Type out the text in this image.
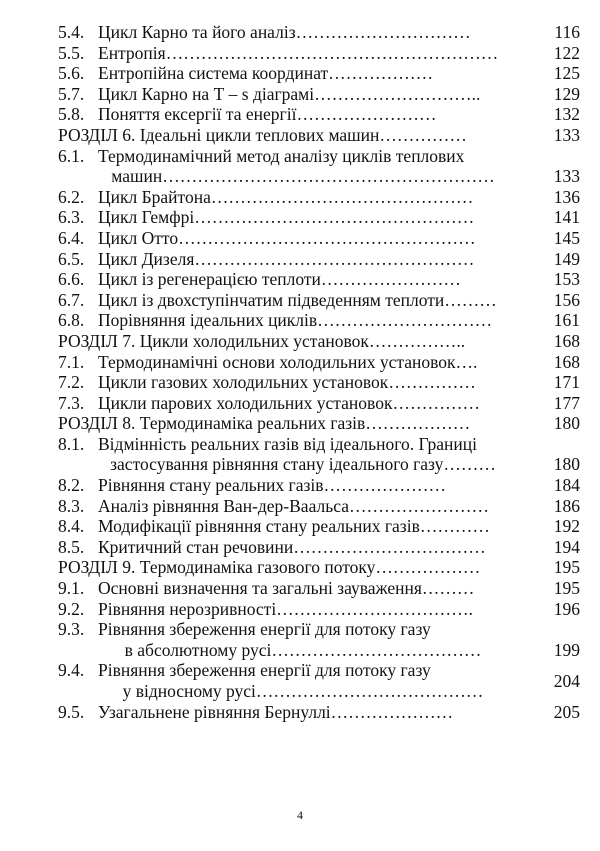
5.4.	Цикл Карно та його аналіз…………………………	116
5.5.	Ентропія…………………………………………………	122
5.6.	Ентропійна система координат………………	125
5.7.	Цикл Карно на Т – s діаграмі………………………..	129
5.8.	Поняття ексергії та енергії……………………	132
РОЗДІЛ 6. Ідеальні цикли теплових машин……………		133
6.1.	Термодинамічний метод аналізу циклів теплових
машин…………………………………………………	133
6.2.	Цикл Брайтона………………………………………	136
6.3.	Цикл Гемфрі…………………………………………	141
6.4.	Цикл Отто……………………………………………	145
6.5.	Цикл Дизеля…………………………………………	149
6.6.	Цикл із регенерацією теплоти……………………	153
6.7.	Цикл із двохступінчатим підведенням теплоти………	156
6.8.	Порівняння ідеальних циклів…………………………	161
РОЗДІЛ 7. Цикли холодильних установок……………..		168
7.1.	Термодинамічні основи холодильних установок….	168
7.2.	Цикли газових холодильних установок……………	171
7.3.	Цикли парових холодильних установок……………	177
РОЗДІЛ 8. Термодинаміка реальних газів………………		180
8.1.	Відмінність реальних газів від ідеального. Границі
застосування рівняння стану ідеального газу………	180
8.2.	Рівняння стану реальних газів…………………	184
8.3.	Аналіз рівняння Ван-дер-Ваальса……………………	186
8.4.	Модифікації рівняння стану реальних газів…………	192
8.5.	Критичний стан речовини……………………………	194
РОЗДІЛ 9. Термодинаміка газового потоку………………		195
9.1.	Основні визначення та загальні зауваження………	195
9.2.	Рівняння нерозривності…………………………….	196
9.3.	Рівняння збереження енергії для потоку газу
в абсолютному русі………………………………	199
9.4.	Рівняння збереження енергії для потоку газу
у відносному русі…………………………………	204
9.5.	Узагальнене рівняння Бернуллі…………………	205
4
